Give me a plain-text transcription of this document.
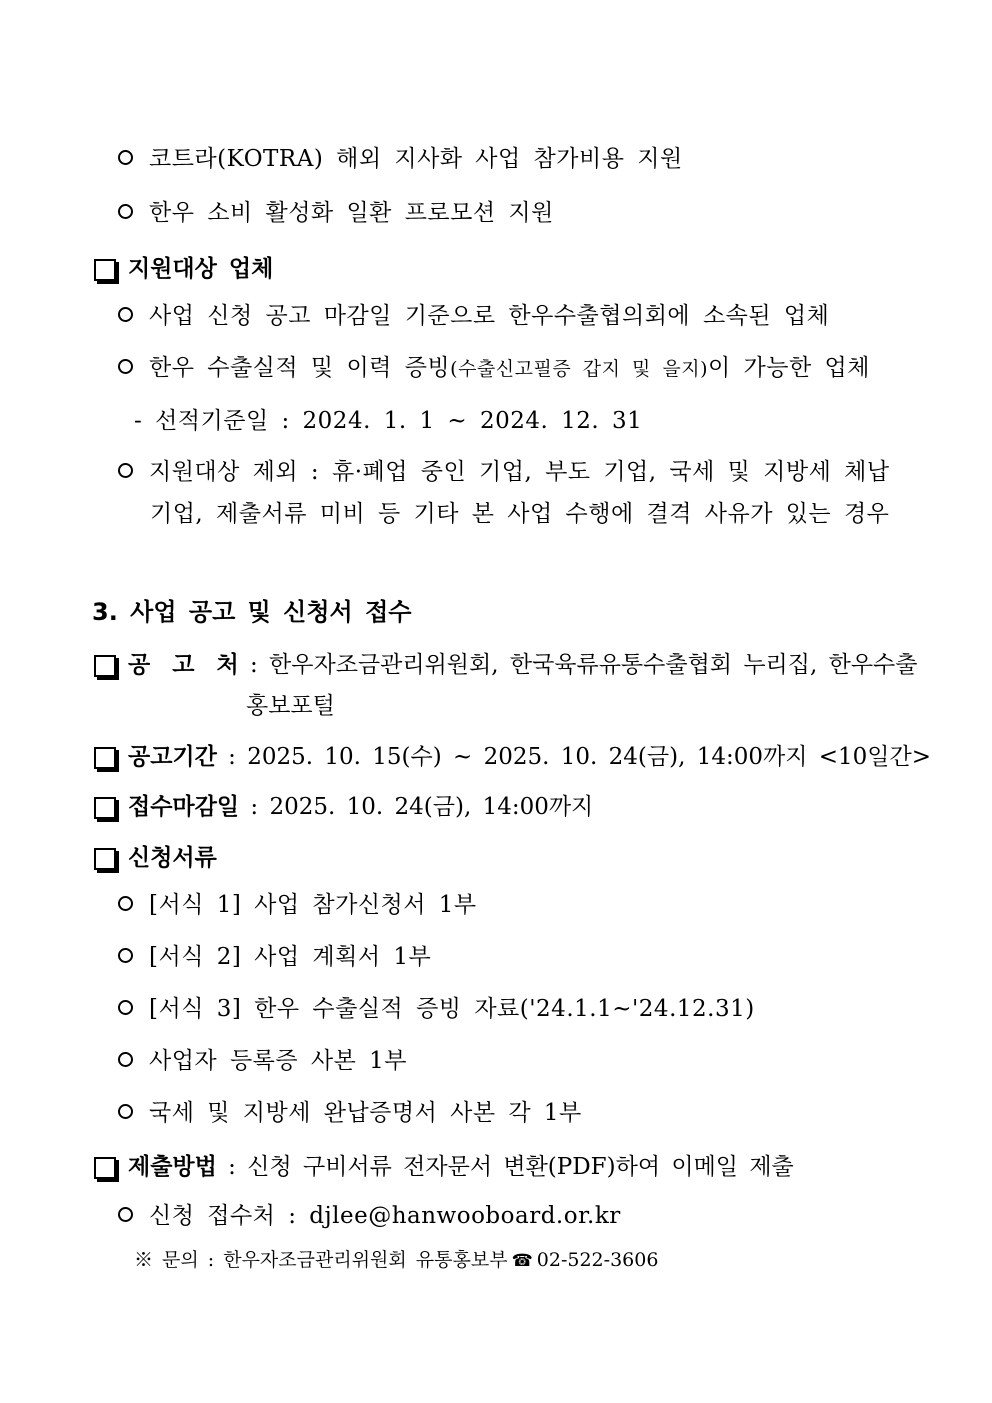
코트라(KOTRA) 해외 지사화 사업 참가비용 지원
한우 소비 활성화 일환 프로모션 지원
지원대상 업체
사업 신청 공고 마감일 기준으로 한우수출협의회에 소속된 업체
한우 수출실적 및 이력 증빙(수출신고필증 갑지 및 을지)이 가능한 업체
- 선적기준일 : 2024. 1. 1 ~ 2024. 12. 31
지원대상 제외 : 휴·폐업 중인 기업, 부도 기업, 국세 및 지방세 체납
기업, 제출서류 미비 등 기타 본 사업 수행에 결격 사유가 있는 경우
3. 사업 공고 및 신청서 접수
공 고 처 : 한우자조금관리위원회, 한국육류유통수출협회 누리집, 한우수출
홍보포털
공고기간 : 2025. 10. 15(수) ~ 2025. 10. 24(금), 14:00까지 <10일간>
접수마감일 : 2025. 10. 24(금), 14:00까지
신청서류
[서식 1] 사업 참가신청서 1부
[서식 2] 사업 계획서 1부
[서식 3] 한우 수출실적 증빙 자료('24.1.1~'24.12.31)
사업자 등록증 사본 1부
국세 및 지방세 완납증명서 사본 각 1부
제출방법 : 신청 구비서류 전자문서 변환(PDF)하여 이메일 제출
신청 접수처 : djlee@hanwooboard.or.kr
※ 문의 : 한우자조금관리위원회 유통홍보부 ☎ 02-522-3606
